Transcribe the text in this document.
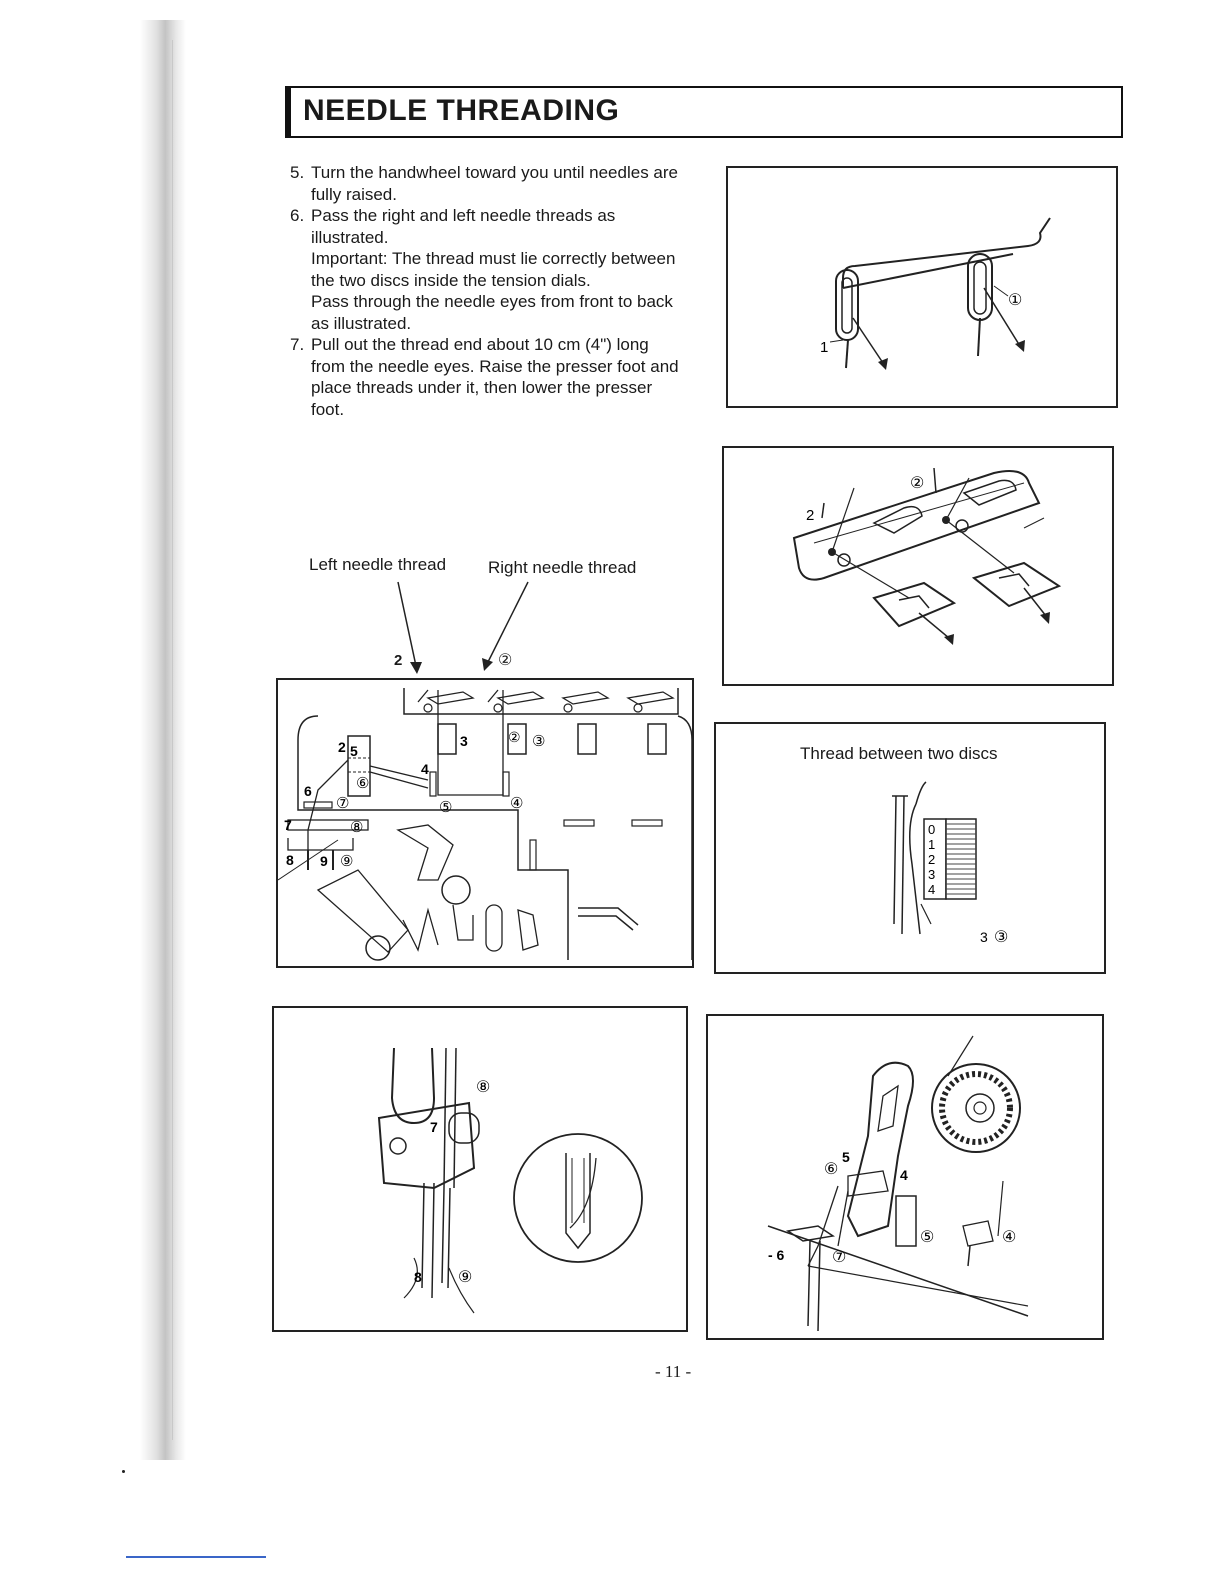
NEEDLE THREADING
5. Turn the handwheel toward you until needles are fully raised.

6. Pass the right and left needle threads as illustrated.

Important: The thread must lie correctly between the two discs inside the tension dials.

Pass through the needle eyes from front to back as illustrated.

7. Pull out the thread end about 10 cm (4") long from the needle eyes. Raise the presser foot and place threads under it, then lower the presser foot.

Left needle thread Right needle thread
1
①
2
②
Thread between two discs
0
1
2
3
4
3 ③
2
②
3	③
4
④
5
⑤
6	⑥
7
⑦
8
⑧
9 ⑨
2	②
⑧
7
8 ⑨
5
⑥	4
⑤	④
- 6	⑦
- 11 -
